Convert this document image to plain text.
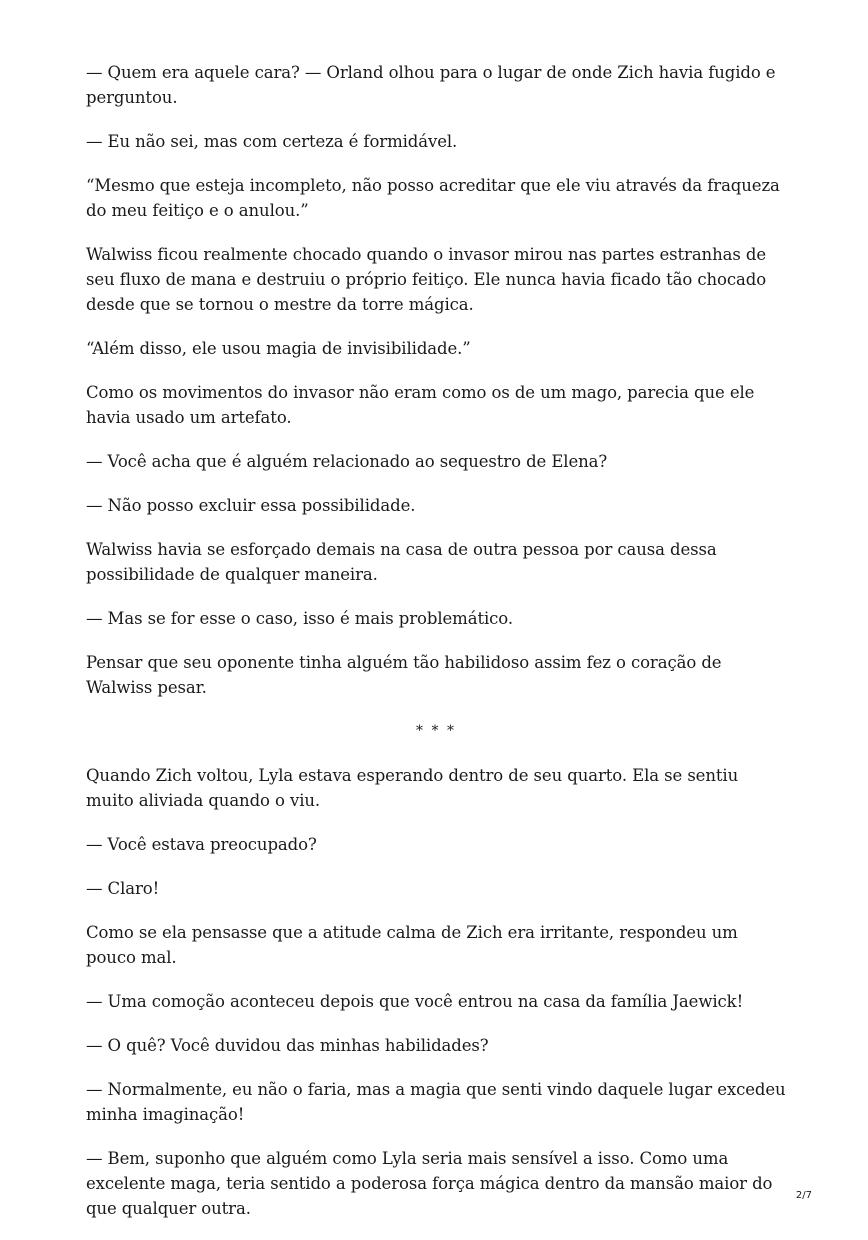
— Quem era aquele cara? — Orland olhou para o lugar de onde Zich havia fugido e perguntou.

— Eu não sei, mas com certeza é formidável.

“Mesmo que esteja incompleto, não posso acreditar que ele viu através da fraqueza do meu feitiço e o anulou.”

Walwiss ficou realmente chocado quando o invasor mirou nas partes estranhas de seu fluxo de mana e destruiu o próprio feitiço. Ele nunca havia ficado tão chocado desde que se tornou o mestre da torre mágica.

“Além disso, ele usou magia de invisibilidade.”

Como os movimentos do invasor não eram como os de um mago, parecia que ele havia usado um artefato.

— Você acha que é alguém relacionado ao sequestro de Elena?

— Não posso excluir essa possibilidade.

Walwiss havia se esforçado demais na casa de outra pessoa por causa dessa possibilidade de qualquer maneira.

— Mas se for esse o caso, isso é mais problemático.

Pensar que seu oponente tinha alguém tão habilidoso assim fez o coração de Walwiss pesar.

* * *

Quando Zich voltou, Lyla estava esperando dentro de seu quarto. Ela se sentiu muito aliviada quando o viu.

— Você estava preocupado?

— Claro!

Como se ela pensasse que a atitude calma de Zich era irritante, respondeu um pouco mal.

— Uma comoção aconteceu depois que você entrou na casa da família Jaewick!

— O quê? Você duvidou das minhas habilidades?

— Normalmente, eu não o faria, mas a magia que senti vindo daquele lugar excedeu minha imaginação!

— Bem, suponho que alguém como Lyla seria mais sensível a isso. Como uma excelente maga, teria sentido a poderosa força mágica dentro da mansão maior do que qualquer outra.

2/7
